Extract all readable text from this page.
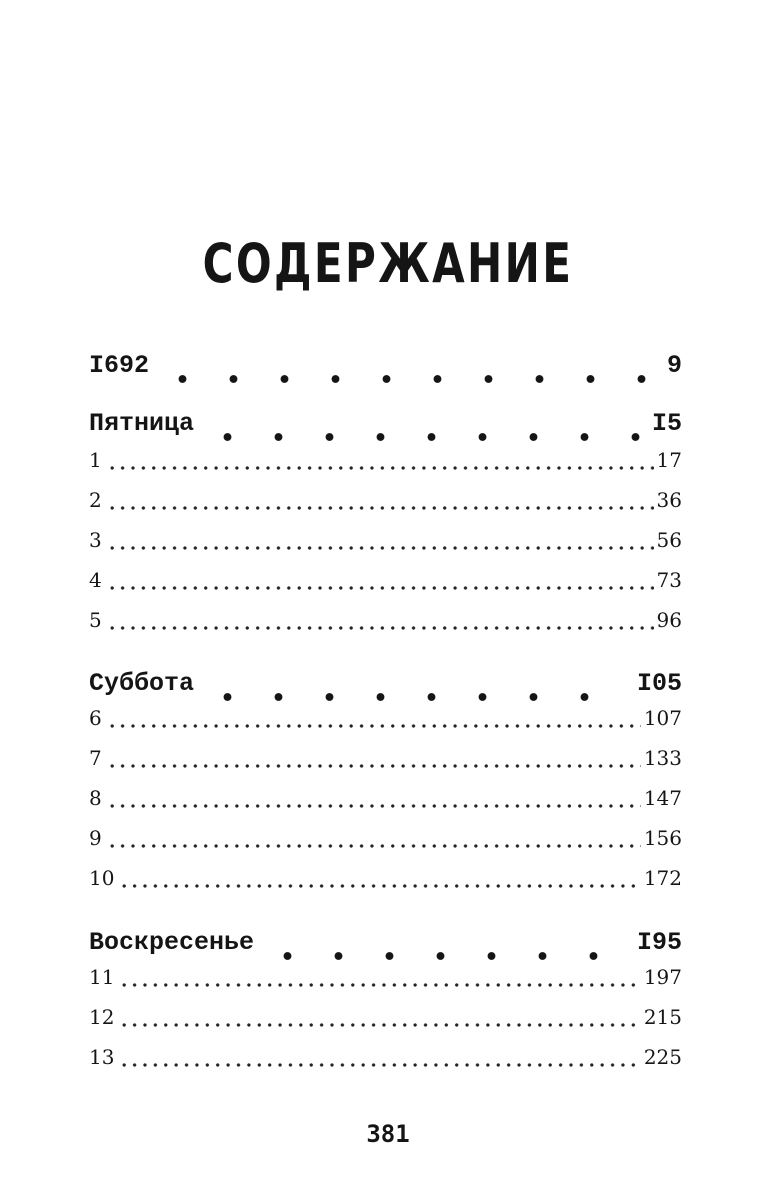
СОДЕРЖАНИЕ
I692	9
Пятница	I5
1	17
2	36
3	56
4	73
5	96
Суббота	I05
6	107
7	133
8	147
9	156
10	172
Воскресенье	I95
11	197
12	215
13	225
381
